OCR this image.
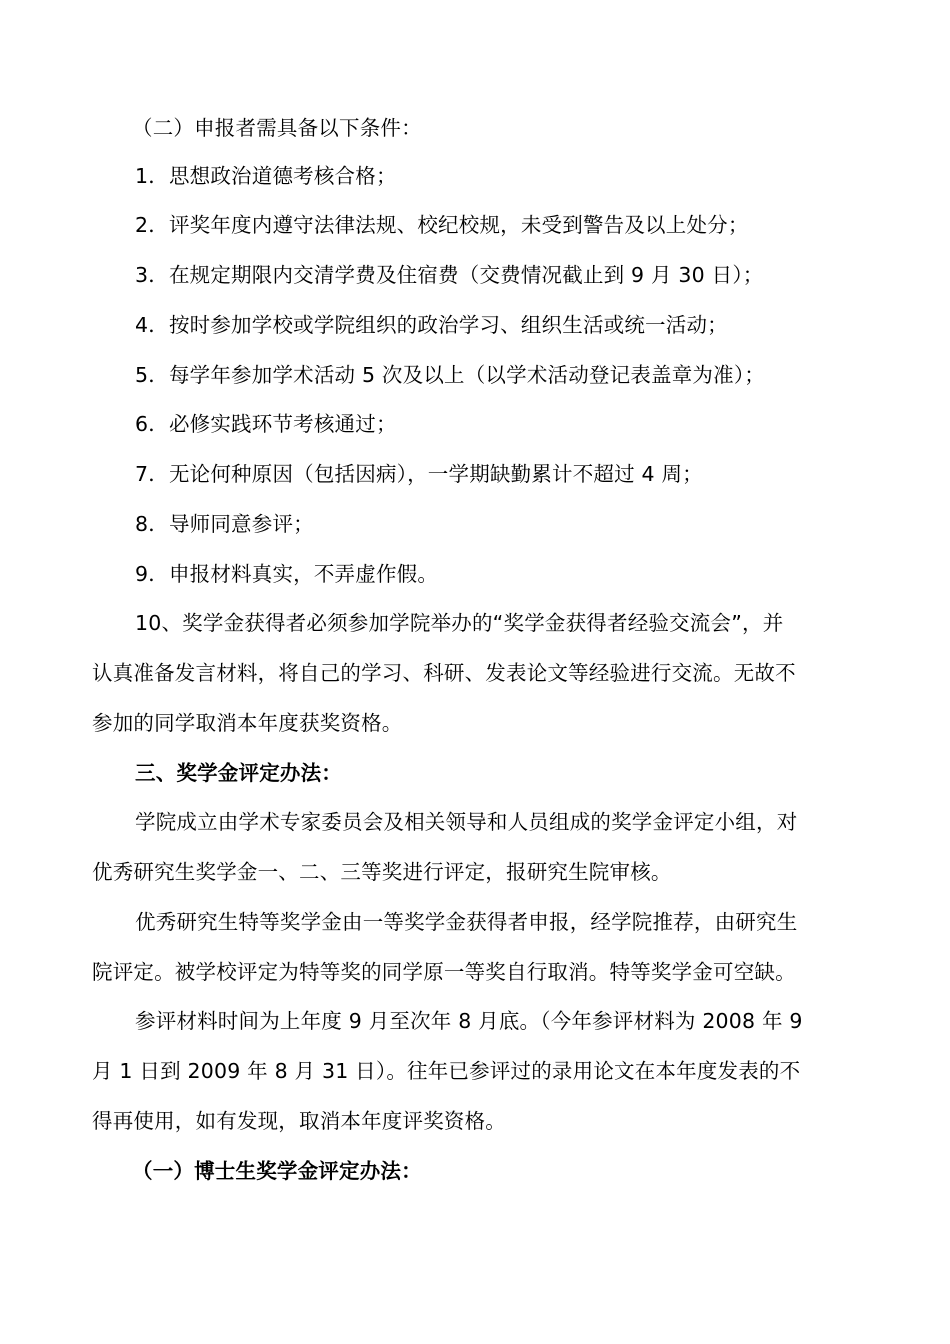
（二）申报者需具备以下条件：
1．思想政治道德考核合格；
2．评奖年度内遵守法律法规、校纪校规，未受到警告及以上处分；
3．在规定期限内交清学费及住宿费（交费情况截止到 9 月 30 日）；
4．按时参加学校或学院组织的政治学习、组织生活或统一活动；
5．每学年参加学术活动 5 次及以上（以学术活动登记表盖章为准）；
6．必修实践环节考核通过；
7．无论何种原因（包括因病），一学期缺勤累计不超过 4 周；
8．导师同意参评；
9．申报材料真实，不弄虚作假。
10、奖学金获得者必须参加学院举办的“奖学金获得者经验交流会”，并
认真准备发言材料，将自己的学习、科研、发表论文等经验进行交流。无故不
参加的同学取消本年度获奖资格。
三、奖学金评定办法：
学院成立由学术专家委员会及相关领导和人员组成的奖学金评定小组，对
优秀研究生奖学金一、二、三等奖进行评定，报研究生院审核。
优秀研究生特等奖学金由一等奖学金获得者申报，经学院推荐，由研究生
院评定。被学校评定为特等奖的同学原一等奖自行取消。特等奖学金可空缺。
参评材料时间为上年度 9 月至次年 8 月底。（今年参评材料为 2008 年 9
月 1 日到 2009 年 8 月 31 日）。往年已参评过的录用论文在本年度发表的不
得再使用，如有发现，取消本年度评奖资格。
（一）博士生奖学金评定办法：
